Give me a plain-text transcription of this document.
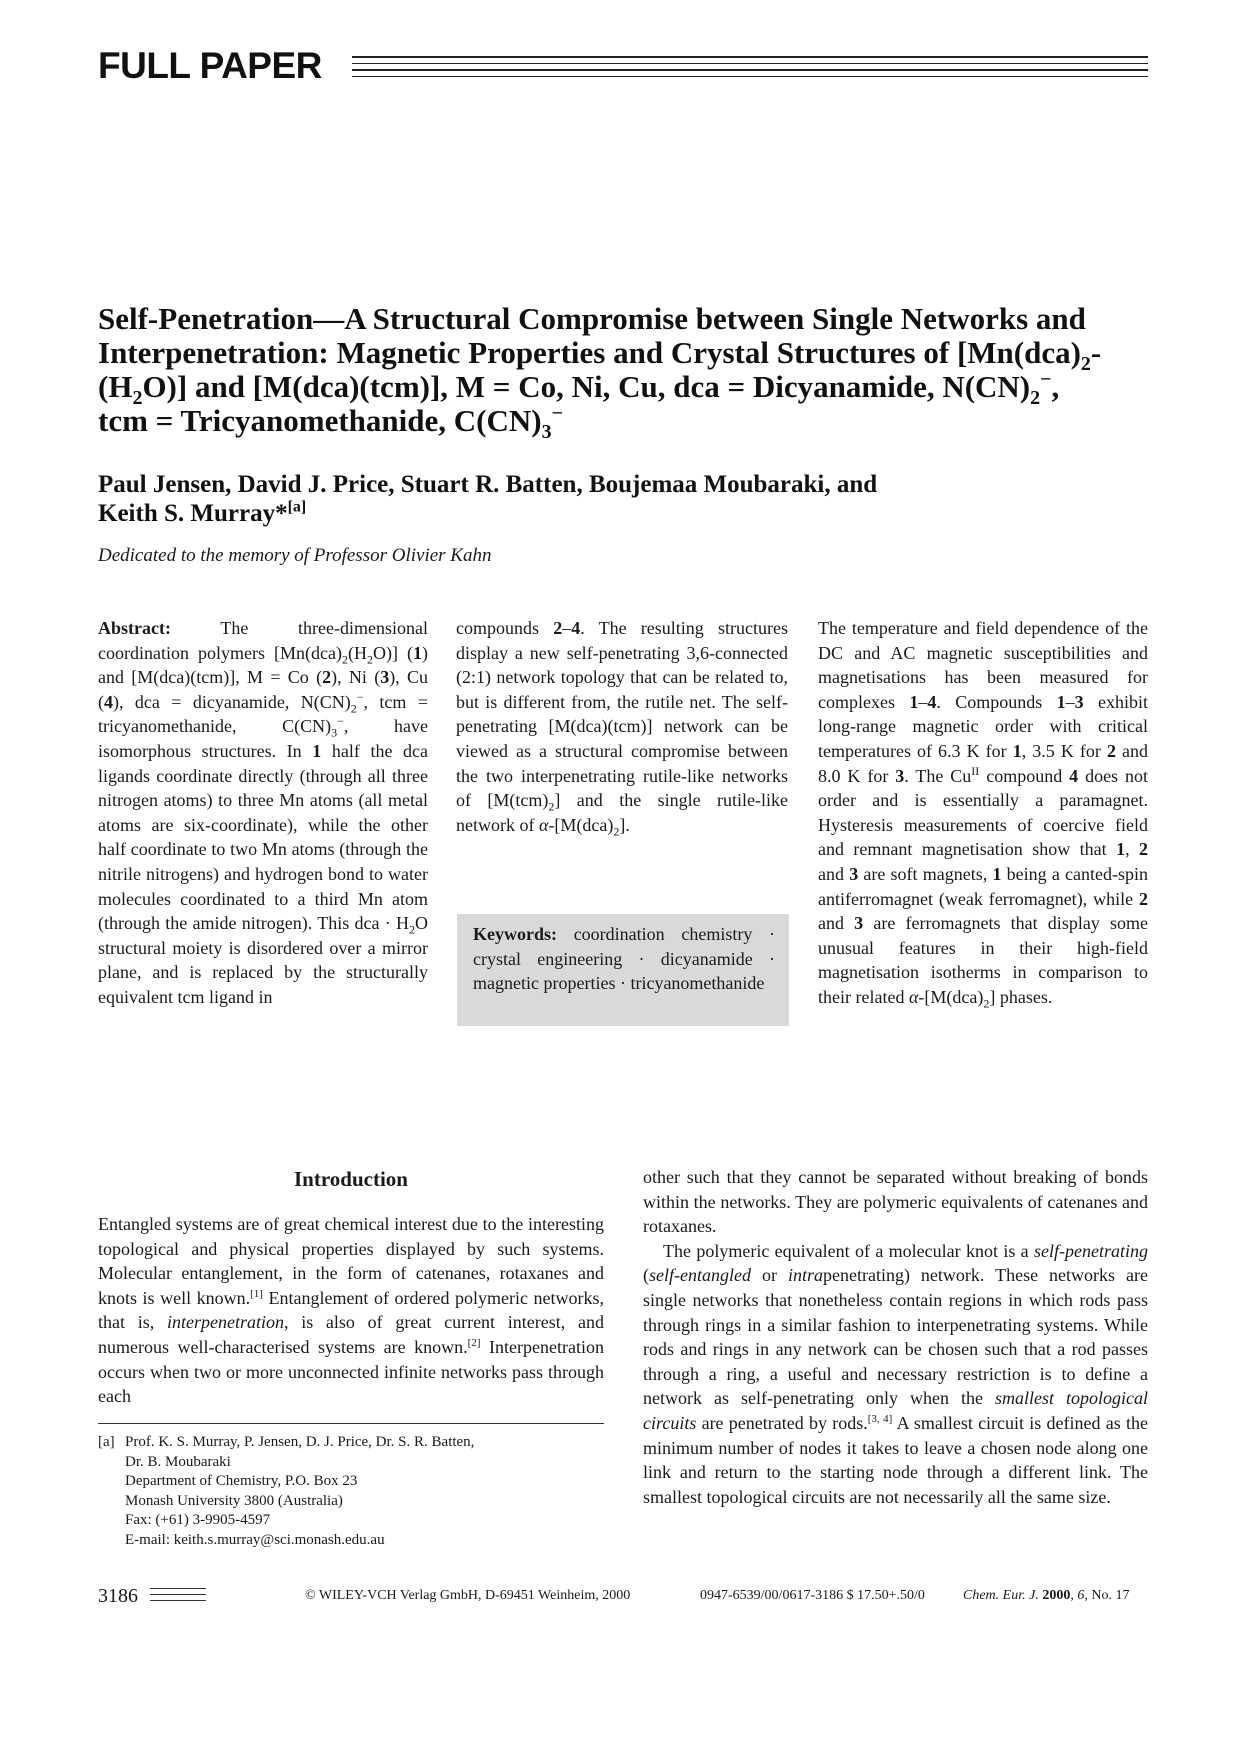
FULL PAPER
Self-Penetration—A Structural Compromise between Single Networks and
Interpenetration: Magnetic Properties and Crystal Structures of [$Mn(dca)_2-$
$(H_2O)$] and [M(dca)(tcm)], M = Co, Ni, Cu, dca = Dicyanamide, $N(CN)_2^-$,
tcm = Tricyanomethanide, $C(CN)_3^-$
Paul Jensen, David J. Price, Stuart R. Batten, Boujemaa Moubaraki, and
Keith S. Murray*[a]
Dedicated to the memory of Professor Olivier Kahn
Abstract: The three-dimensional coordination polymers $[Mn(dca)_2(H_2O)]$ (1) and [M(dca)(tcm)], M = Co (2), Ni (3), Cu (4), dca = dicyanamide, $N(CN)_2^-$, tcm = tricyanomethanide, $C(CN)_3^-$, have isomorphous structures. In 1 half the dca ligands coordinate directly (through all three nitrogen atoms) to three Mn atoms (all metal atoms are six-coordinate), while the other half coordinate to two Mn atoms (through the nitrile nitrogens) and hydrogen bond to water molecules coordinated to a third Mn atom (through the amide nitrogen). This dca · $H_2O$ structural moiety is disordered over a mirror plane, and is replaced by the structurally equivalent tcm ligand in
compounds 2–4. The resulting structures display a new self-penetrating 3,6-connected (2:1) network topology that can be related to, but is different from, the rutile net. The self-penetrating [M(dca)(tcm)] network can be viewed as a structural compromise between the two interpenetrating rutile-like networks of $[M(tcm)_2]$ and the single rutile-like network of $\alpha-[M(dca)_2]$.
Keywords: coordination chemistry · crystal engineering · dicyanamide · magnetic properties · tricyanomethanide
The temperature and field dependence of the DC and AC magnetic susceptibilities and magnetisations has been measured for complexes 1–4. Compounds 1–3 exhibit long-range magnetic order with critical temperatures of 6.3 K for 1, 3.5 K for 2 and 8.0 K for 3. The $Cu^{II}$ compound 4 does not order and is essentially a paramagnet. Hysteresis measurements of coercive field and remnant magnetisation show that 1, 2 and 3 are soft magnets, 1 being a canted-spin antiferromagnet (weak ferromagnet), while 2 and 3 are ferromagnets that display some unusual features in their high-field magnetisation isotherms in comparison to their related $\alpha-[M(dca)_2]$ phases.
Introduction
Entangled systems are of great chemical interest due to the interesting topological and physical properties displayed by such systems. Molecular entanglement, in the form of catenanes, rotaxanes and knots is well known.[1] Entanglement of ordered polymeric networks, that is, interpenetration, is also of great current interest, and numerous well-characterised systems are known.[2] Interpenetration occurs when two or more unconnected infinite networks pass through each

other such that they cannot be separated without breaking of bonds within the networks. They are polymeric equivalents of catenanes and rotaxanes.

The polymeric equivalent of a molecular knot is a self-penetrating (self-entangled or intrapenetrating) network. These networks are single networks that nonetheless contain regions in which rods pass through rings in a similar fashion to interpenetrating systems. While rods and rings in any network can be chosen such that a rod passes through a ring, a useful and necessary restriction is to define a network as self-penetrating only when the smallest topological circuits are penetrated by rods.[3, 4] A smallest circuit is defined as the minimum number of nodes it takes to leave a chosen node along one link and return to the starting node through a different link. The smallest topological circuits are not necessarily all the same size.

[a] Prof. K. S. Murray, P. Jensen, D. J. Price, Dr. S. R. Batten,
Dr. B. Moubaraki
Department of Chemistry, P.O. Box 23
Monash University 3800 (Australia)
Fax: (+61) 3-9905-4597
E-mail: keith.s.murray@sci.monash.edu.au
3186	© WILEY-VCH Verlag GmbH, D-69451 Weinheim, 2000	0947-6539/00/0617-3186 $ 17.50+.50/0	Chem. Eur. J. 2000, 6, No. 17
